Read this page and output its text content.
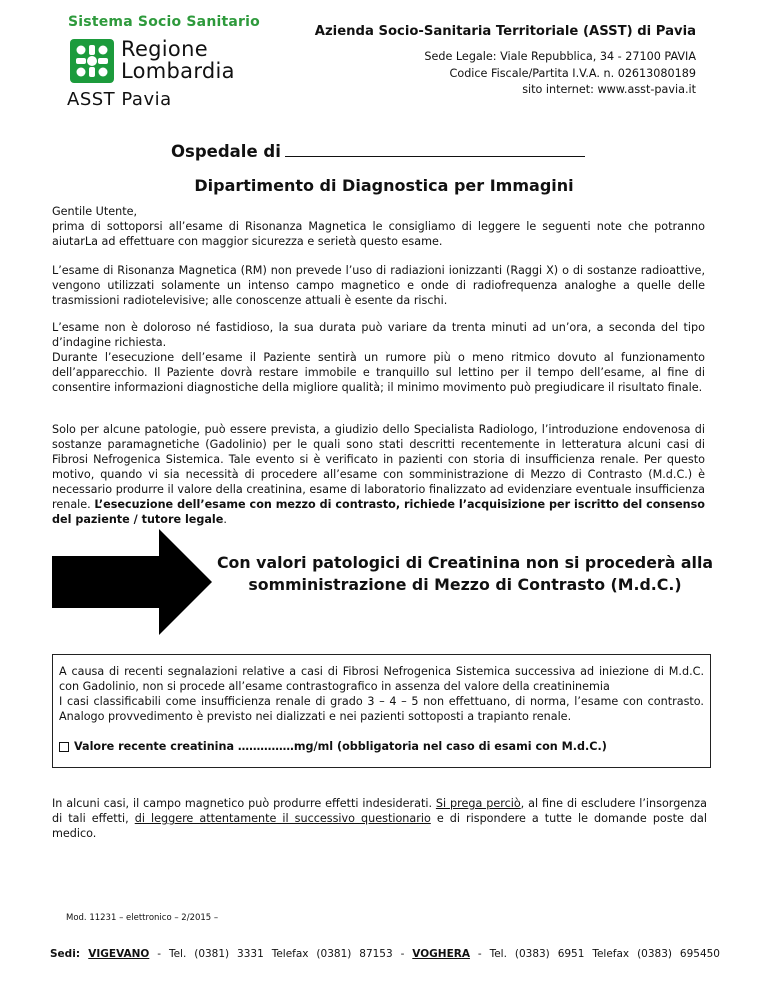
Sistema Socio Sanitario
Regione
Lombardia
ASST Pavia
Azienda Socio-Sanitaria Territoriale (ASST) di Pavia
Sede Legale: Viale Repubblica, 34 - 27100 PAVIA
Codice Fiscale/Partita I.V.A. n. 02613080189
sito internet: www.asst-pavia.it
Ospedale di
Dipartimento di Diagnostica per Immagini

Gentile Utente,

prima di sottoporsi all’esame di Risonanza Magnetica le consigliamo di leggere le seguenti note che potranno aiutarLa ad effettuare con maggior sicurezza e serietà questo esame.

L’esame di Risonanza Magnetica (RM) non prevede l’uso di radiazioni ionizzanti (Raggi X) o di sostanze radioattive, vengono utilizzati solamente un intenso campo magnetico e onde di radiofrequenza analoghe a quelle delle trasmissioni radiotelevisive; alle conoscenze attuali è esente da rischi.

L’esame non è doloroso né fastidioso, la sua durata può variare da trenta minuti ad un’ora, a seconda del tipo d’indagine richiesta.

Durante l’esecuzione dell’esame il Paziente sentirà un rumore più o meno ritmico dovuto al funzionamento dell’apparecchio. Il Paziente dovrà restare immobile e tranquillo sul lettino per il tempo dell’esame, al fine di consentire informazioni diagnostiche della migliore qualità; il minimo movimento può pregiudicare il risultato finale.

Solo per alcune patologie, può essere prevista, a giudizio dello Specialista Radiologo, l’introduzione endovenosa di sostanze paramagnetiche (Gadolinio) per le quali sono stati descritti recentemente in letteratura alcuni casi di Fibrosi Nefrogenica Sistemica. Tale evento si è verificato in pazienti con storia di insufficienza renale. Per questo motivo, quando vi sia necessità di procedere all’esame con somministrazione di Mezzo di Contrasto (M.d.C.) è necessario produrre il valore della creatinina, esame di laboratorio finalizzato ad evidenziare eventuale insufficienza renale. L’esecuzione dell’esame con mezzo di contrasto, richiede l’acquisizione per iscritto del consenso del paziente / tutore legale.

Con valori patologici di Creatinina non si procederà alla somministrazione di Mezzo di Contrasto (M.d.C.)

A causa di recenti segnalazioni relative a casi di Fibrosi Nefrogenica Sistemica successiva ad iniezione di M.d.C. con Gadolinio, non si procede all’esame contrastografico in assenza del valore della creatininemia

I casi classificabili come insufficienza renale di grado 3 – 4 – 5 non effettuano, di norma, l’esame con contrasto. Analogo provvedimento è previsto nei dializzati e nei pazienti sottoposti a trapianto renale.

Valore recente creatinina ……………mg/ml (obbligatoria nel caso di esami con M.d.C.)
In alcuni casi, il campo magnetico può produrre effetti indesiderati. Si prega perciò, al fine di escludere l’insorgenza di tali effetti, di leggere attentamente il successivo questionario e di rispondere a tutte le domande poste dal medico.
Mod. 11231 – elettronico – 2/2015 –
Sedi: VIGEVANO - Tel. (0381) 3331 Telefax (0381) 87153 - VOGHERA - Tel. (0383) 6951 Telefax (0383) 695450
